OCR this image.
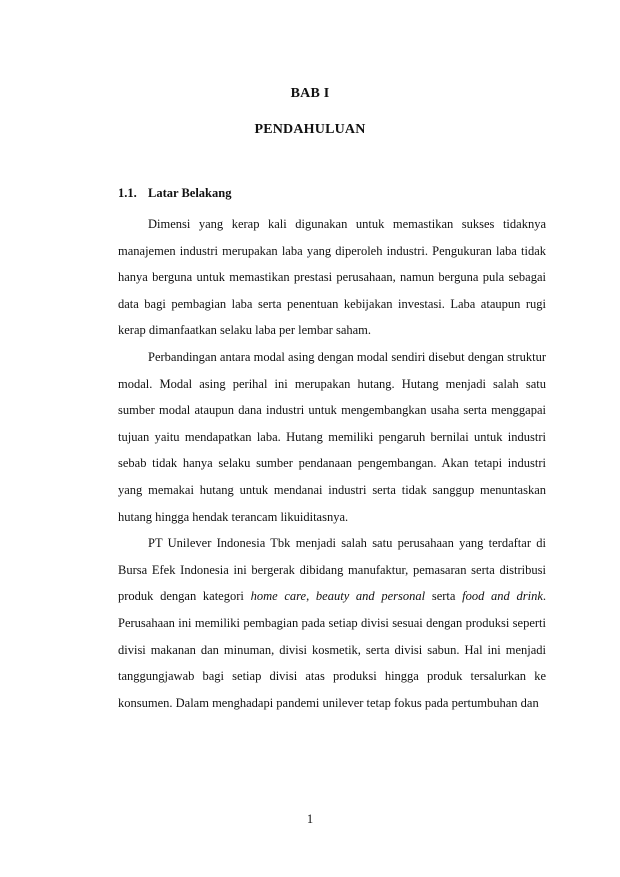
BAB I
PENDAHULUAN
1.1. Latar Belakang

Dimensi yang kerap kali digunakan untuk memastikan sukses tidaknya manajemen industri merupakan laba yang diperoleh industri. Pengukuran laba tidak hanya berguna untuk memastikan prestasi perusahaan, namun berguna pula sebagai data bagi pembagian laba serta penentuan kebijakan investasi. Laba ataupun rugi kerap dimanfaatkan selaku laba per lembar saham.

Perbandingan antara modal asing dengan modal sendiri disebut dengan struktur modal. Modal asing perihal ini merupakan hutang. Hutang menjadi salah satu sumber modal ataupun dana industri untuk mengembangkan usaha serta menggapai tujuan yaitu mendapatkan laba. Hutang memiliki pengaruh bernilai untuk industri sebab tidak hanya selaku sumber pendanaan pengembangan. Akan tetapi industri yang memakai hutang untuk mendanai industri serta tidak sanggup menuntaskan hutang hingga hendak terancam likuiditasnya.

PT Unilever Indonesia Tbk menjadi salah satu perusahaan yang terdaftar di Bursa Efek Indonesia ini bergerak dibidang manufaktur, pemasaran serta distribusi produk dengan kategori home care, beauty and personal serta food and drink. Perusahaan ini memiliki pembagian pada setiap divisi sesuai dengan produksi seperti divisi makanan dan minuman, divisi kosmetik, serta divisi sabun. Hal ini menjadi tanggungjawab bagi setiap divisi atas produksi hingga produk tersalurkan ke konsumen. Dalam menghadapi pandemi unilever tetap fokus pada pertumbuhan dan

1
